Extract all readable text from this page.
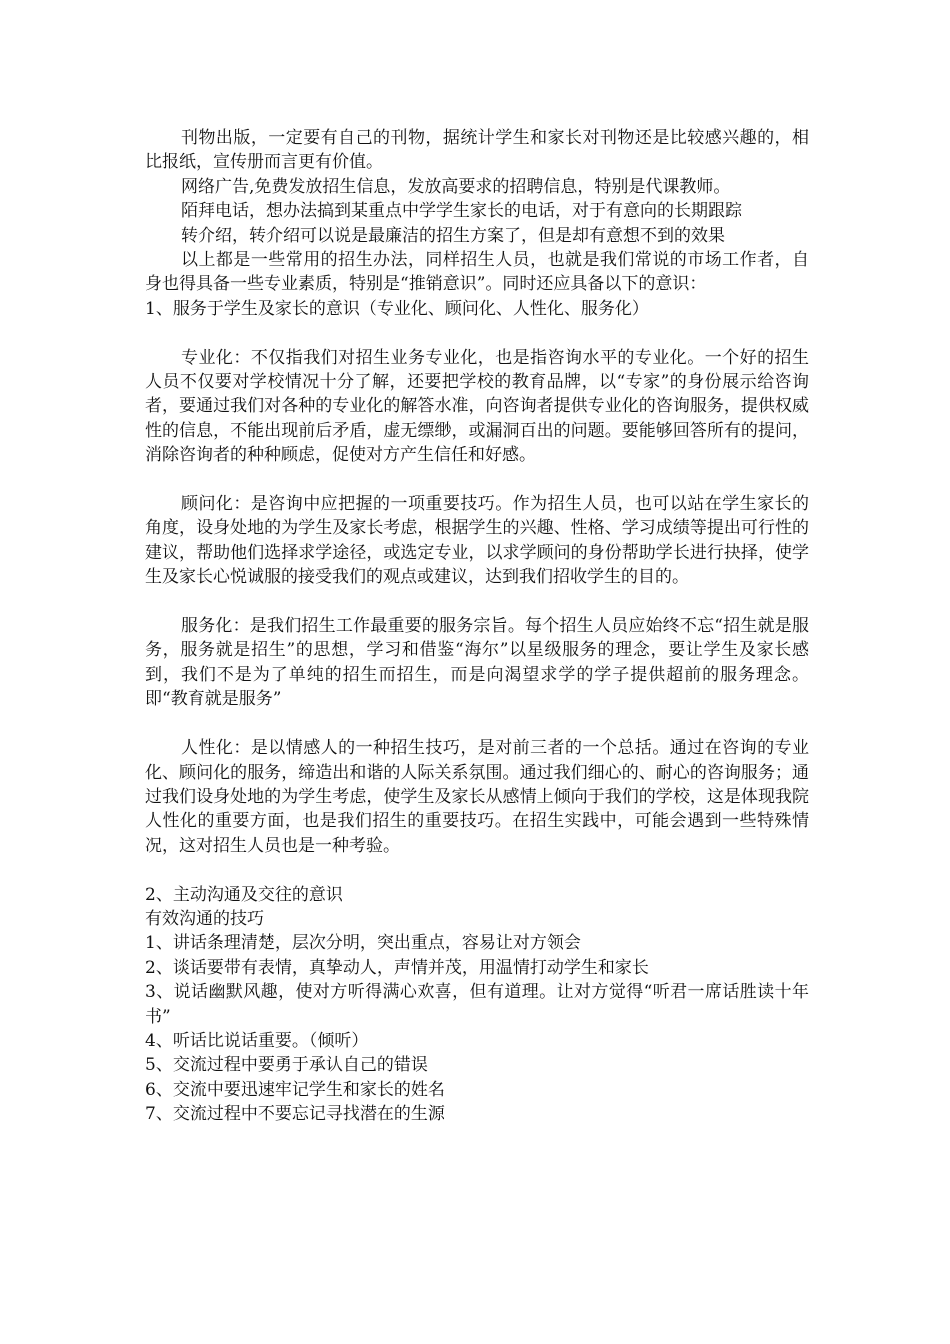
刊物出版，一定要有自己的刊物，据统计学生和家长对刊物还是比较感兴趣的，相比报纸，宣传册而言更有价值。

网络广告,免费发放招生信息，发放高要求的招聘信息，特别是代课教师。

陌拜电话，想办法搞到某重点中学学生家长的电话，对于有意向的长期跟踪

转介绍，转介绍可以说是最廉洁的招生方案了，但是却有意想不到的效果

以上都是一些常用的招生办法，同样招生人员，也就是我们常说的市场工作者，自身也得具备一些专业素质，特别是“推销意识”。同时还应具备以下的意识：

1、服务于学生及家长的意识（专业化、顾问化、人性化、服务化）

专业化：不仅指我们对招生业务专业化，也是指咨询水平的专业化。一个好的招生人员不仅要对学校情况十分了解，还要把学校的教育品牌，以“专家”的身份展示给咨询者，要通过我们对各种的专业化的解答水准，向咨询者提供专业化的咨询服务，提供权威性的信息，不能出现前后矛盾，虚无缥缈，或漏洞百出的问题。要能够回答所有的提问，消除咨询者的种种顾虑，促使对方产生信任和好感。

顾问化：是咨询中应把握的一项重要技巧。作为招生人员，也可以站在学生家长的角度，设身处地的为学生及家长考虑，根据学生的兴趣、性格、学习成绩等提出可行性的建议，帮助他们选择求学途径，或选定专业，以求学顾问的身份帮助学长进行抉择，使学生及家长心悦诚服的接受我们的观点或建议，达到我们招收学生的目的。

服务化：是我们招生工作最重要的服务宗旨。每个招生人员应始终不忘“招生就是服务，服务就是招生”的思想，学习和借鉴“海尔”以星级服务的理念，要让学生及家长感到，我们不是为了单纯的招生而招生，而是向渴望求学的学子提供超前的服务理念。即“教育就是服务”

人性化：是以情感人的一种招生技巧，是对前三者的一个总括。通过在咨询的专业化、顾问化的服务，缔造出和谐的人际关系氛围。通过我们细心的、耐心的咨询服务；通过我们设身处地的为学生考虑，使学生及家长从感情上倾向于我们的学校，这是体现我院人性化的重要方面，也是我们招生的重要技巧。在招生实践中，可能会遇到一些特殊情况，这对招生人员也是一种考验。

2、主动沟通及交往的意识

有效沟通的技巧

1、讲话条理清楚，层次分明，突出重点，容易让对方领会

2、谈话要带有表情，真挚动人，声情并茂，用温情打动学生和家长

3、说话幽默风趣，使对方听得满心欢喜，但有道理。让对方觉得“听君一席话胜读十年书”

4、听话比说话重要。（倾听）

5、交流过程中要勇于承认自己的错误

6、交流中要迅速牢记学生和家长的姓名

7、交流过程中不要忘记寻找潜在的生源
